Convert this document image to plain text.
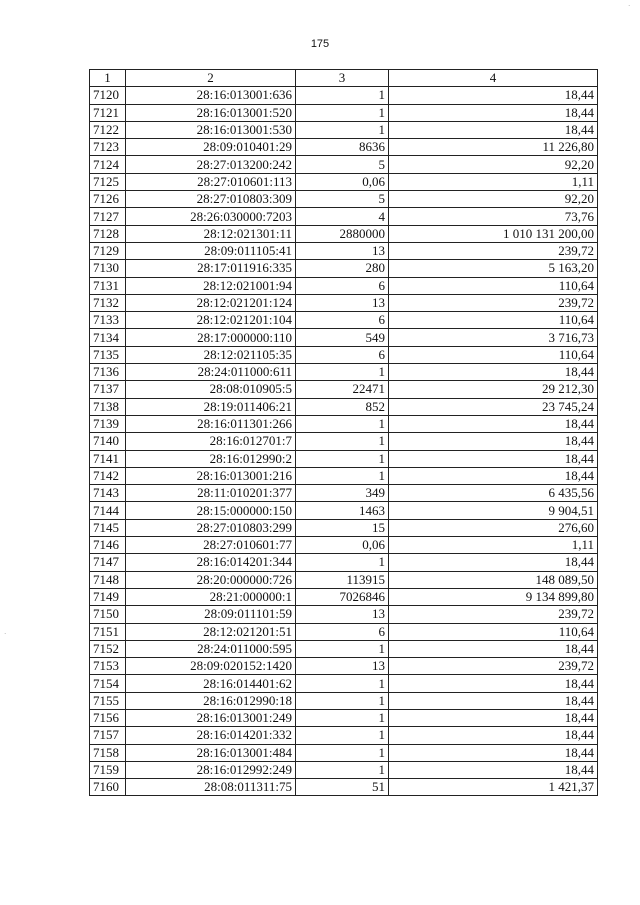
175
1	2	3	4
7120	28:16:013001:636	1	18,44
7121	28:16:013001:520	1	18,44
7122	28:16:013001:530	1	18,44
7123	28:09:010401:29	8636	11 226,80
7124	28:27:013200:242	5	92,20
7125	28:27:010601:113	0,06	1,11
7126	28:27:010803:309	5	92,20
7127	28:26:030000:7203	4	73,76
7128	28:12:021301:11	2880000	1 010 131 200,00
7129	28:09:011105:41	13	239,72
7130	28:17:011916:335	280	5 163,20
7131	28:12:021001:94	6	110,64
7132	28:12:021201:124	13	239,72
7133	28:12:021201:104	6	110,64
7134	28:17:000000:110	549	3 716,73
7135	28:12:021105:35	6	110,64
7136	28:24:011000:611	1	18,44
7137	28:08:010905:5	22471	29 212,30
7138	28:19:011406:21	852	23 745,24
7139	28:16:011301:266	1	18,44
7140	28:16:012701:7	1	18,44
7141	28:16:012990:2	1	18,44
7142	28:16:013001:216	1	18,44
7143	28:11:010201:377	349	6 435,56
7144	28:15:000000:150	1463	9 904,51
7145	28:27:010803:299	15	276,60
7146	28:27:010601:77	0,06	1,11
7147	28:16:014201:344	1	18,44
7148	28:20:000000:726	113915	148 089,50
7149	28:21:000000:1	7026846	9 134 899,80
7150	28:09:011101:59	13	239,72
7151	28:12:021201:51	6	110,64
7152	28:24:011000:595	1	18,44
7153	28:09:020152:1420	13	239,72
7154	28:16:014401:62	1	18,44
7155	28:16:012990:18	1	18,44
7156	28:16:013001:249	1	18,44
7157	28:16:014201:332	1	18,44
7158	28:16:013001:484	1	18,44
7159	28:16:012992:249	1	18,44
7160	28:08:011311:75	51	1 421,37
·
·
